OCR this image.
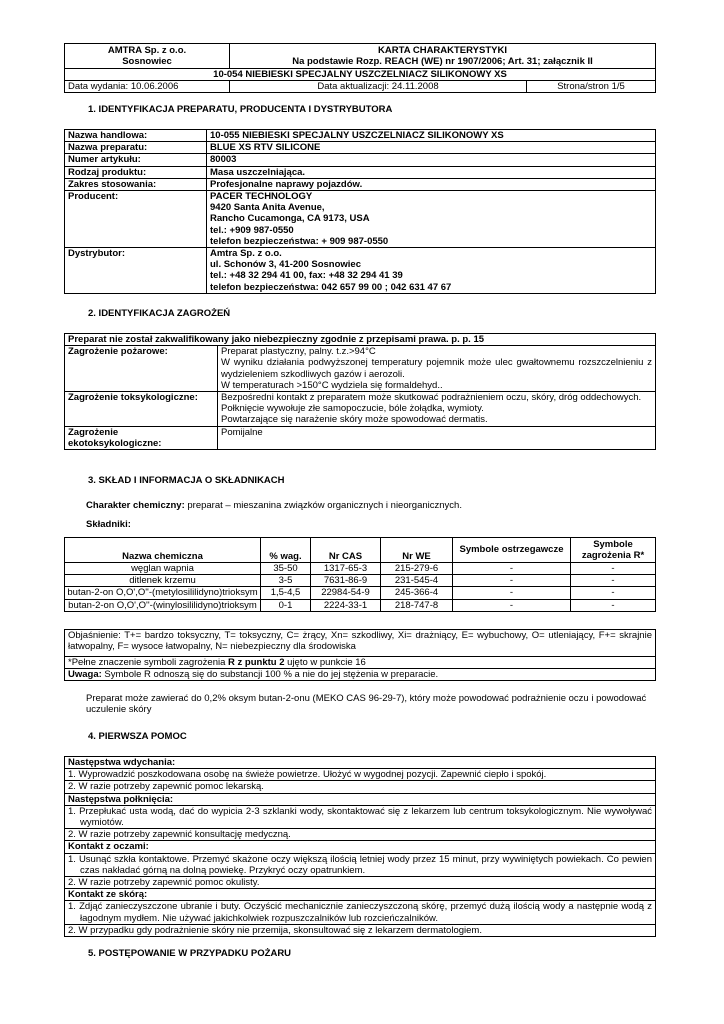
AMTRA Sp. z o.o.
Sosnowiec	KARTA CHARAKTERYSTYKI
Na podstawie Rozp. REACH (WE) nr 1907/2006; Art. 31; załącznik II	

10-054 NIEBIESKI SPECJALNY USZCZELNIACZ SILIKONOWY XS		
Data wydania: 10.06.2006	Data aktualizacji: 24.11.2008	Strona/stron 1/5
1. IDENTYFIKACJA PREPARATU, PRODUCENTA I DYSTRYBUTORA
Nazwa handlowa:	10-055 NIEBIESKI SPECJALNY USZCZELNIACZ SILIKONOWY XS

Nazwa preparatu:	BLUE XS RTV SILICONE

Numer artykułu:	80003

Rodzaj produktu:	Masa uszczelniająca.

Zakres stosowania:	Profesjonalne naprawy pojazdów.

Producent:	PACER TECHNOLOGY
9420 Santa Anita Avenue,
Rancho Cucamonga, CA 9173, USA
tel.: +909 987-0550
telefon bezpieczeństwa: + 909 987-0550

Dystrybutor:	Amtra Sp. z o.o.
ul. Schonów 3, 41-200 Sosnowiec
tel.: +48 32 294 41 00, fax: +48 32 294 41 39
telefon bezpieczeństwa: 042 657 99 00 ; 042 631 47 67
2. IDENTYFIKACJA ZAGROŻEŃ
Preparat nie został zakwalifikowany jako niebezpieczny zgodnie z przepisami prawa. p. p. 15	
Zagrożenie pożarowe:	Preparat plastyczny, palny. t.z.>94°C
W wyniku działania podwyższonej temperatury pojemnik może ulec gwałtownemu rozszczelnieniu z wydzieleniem szkodliwych gazów i aerozoli.
W temperaturach >150°C wydziela się formaldehyd..

Zagrożenie toksykologiczne:	Bezpośredni kontakt z preparatem może skutkować podrażnieniem oczu, skóry, dróg oddechowych.
Połknięcie wywołuje złe samopoczucie, bóle żołądka, wymioty.
Powtarzające się narażenie skóry może spowodować dermatis.

Zagrożenie ekotoksykologiczne:	Pomijalne
3. SKŁAD I INFORMACJA O SKŁADNIKACH
Charakter chemiczny: preparat – mieszanina związków organicznych i nieorganicznych.
Składniki:
Nazwa chemiczna	% wag.	Nr CAS	Nr WE	Symbole ostrzegawcze	Symbole zagrożenia R*
węglan wapnia	35-50	1317-65-3	215-279-6	-	-
ditlenek krzemu	3-5	7631-86-9	231-545-4	-	-
butan-2-on O,O',O''-(metylosililidyno)trioksym	1,5-4,5	22984-54-9	245-366-4	-	-
butan-2-on O,O',O''-(winylosililidyno)trioksym	0-1	2224-33-1	218-747-8	-	-
Objaśnienie: T+= bardzo toksyczny, T= toksyczny, C= żrący, Xn= szkodliwy, Xi= drażniący, E= wybuchowy, O= utleniający, F+= skrajnie łatwopalny, F= wysoce łatwopalny, N= niebezpieczny dla środowiska
*Pełne znaczenie symboli zagrożenia R z punktu 2 ujęto w punkcie 16
Uwaga: Symbole R odnoszą się do substancji 100 % a nie do jej stężenia w preparacie.
Preparat może zawierać do 0,2% oksym butan-2-onu (MEKO CAS 96-29-7), który może powodować podrażnienie oczu i powodować uczulenie skóry
4. PIERWSZA POMOC
Następstwa wdychania:

1. Wyprowadzić poszkodowana osobę na świeże powietrze. Ułożyć w wygodnej pozycji. Zapewnić ciepło i spokój.

2. W razie potrzeby zapewnić pomoc lekarską.

Następstwa połknięcia:

1. Przepłukać usta wodą, dać do wypicia 2-3 szklanki wody, skontaktować się z lekarzem lub centrum toksykologicznym. Nie wywoływać wymiotów.

2. W razie potrzeby zapewnić konsultację medyczną.

Kontakt z oczami:

1. Usunąć szkła kontaktowe. Przemyć skażone oczy większą ilością letniej wody przez 15 minut, przy wywiniętych powiekach. Co pewien czas nakładać górną na dolną powiekę. Przykryć oczy opatrunkiem.

2. W razie potrzeby zapewnić pomoc okulisty.

Kontakt ze skórą:

1. Zdjąć zanieczyszczone ubranie i buty. Oczyścić mechanicznie zanieczyszczoną skórę, przemyć dużą ilością wody a następnie wodą z łagodnym mydłem. Nie używać jakichkolwiek rozpuszczalników lub rozcieńczalników.

2. W przypadku gdy podrażnienie skóry nie przemija, skonsultować się z lekarzem dermatologiem.
5. POSTĘPOWANIE W PRZYPADKU POŻARU
